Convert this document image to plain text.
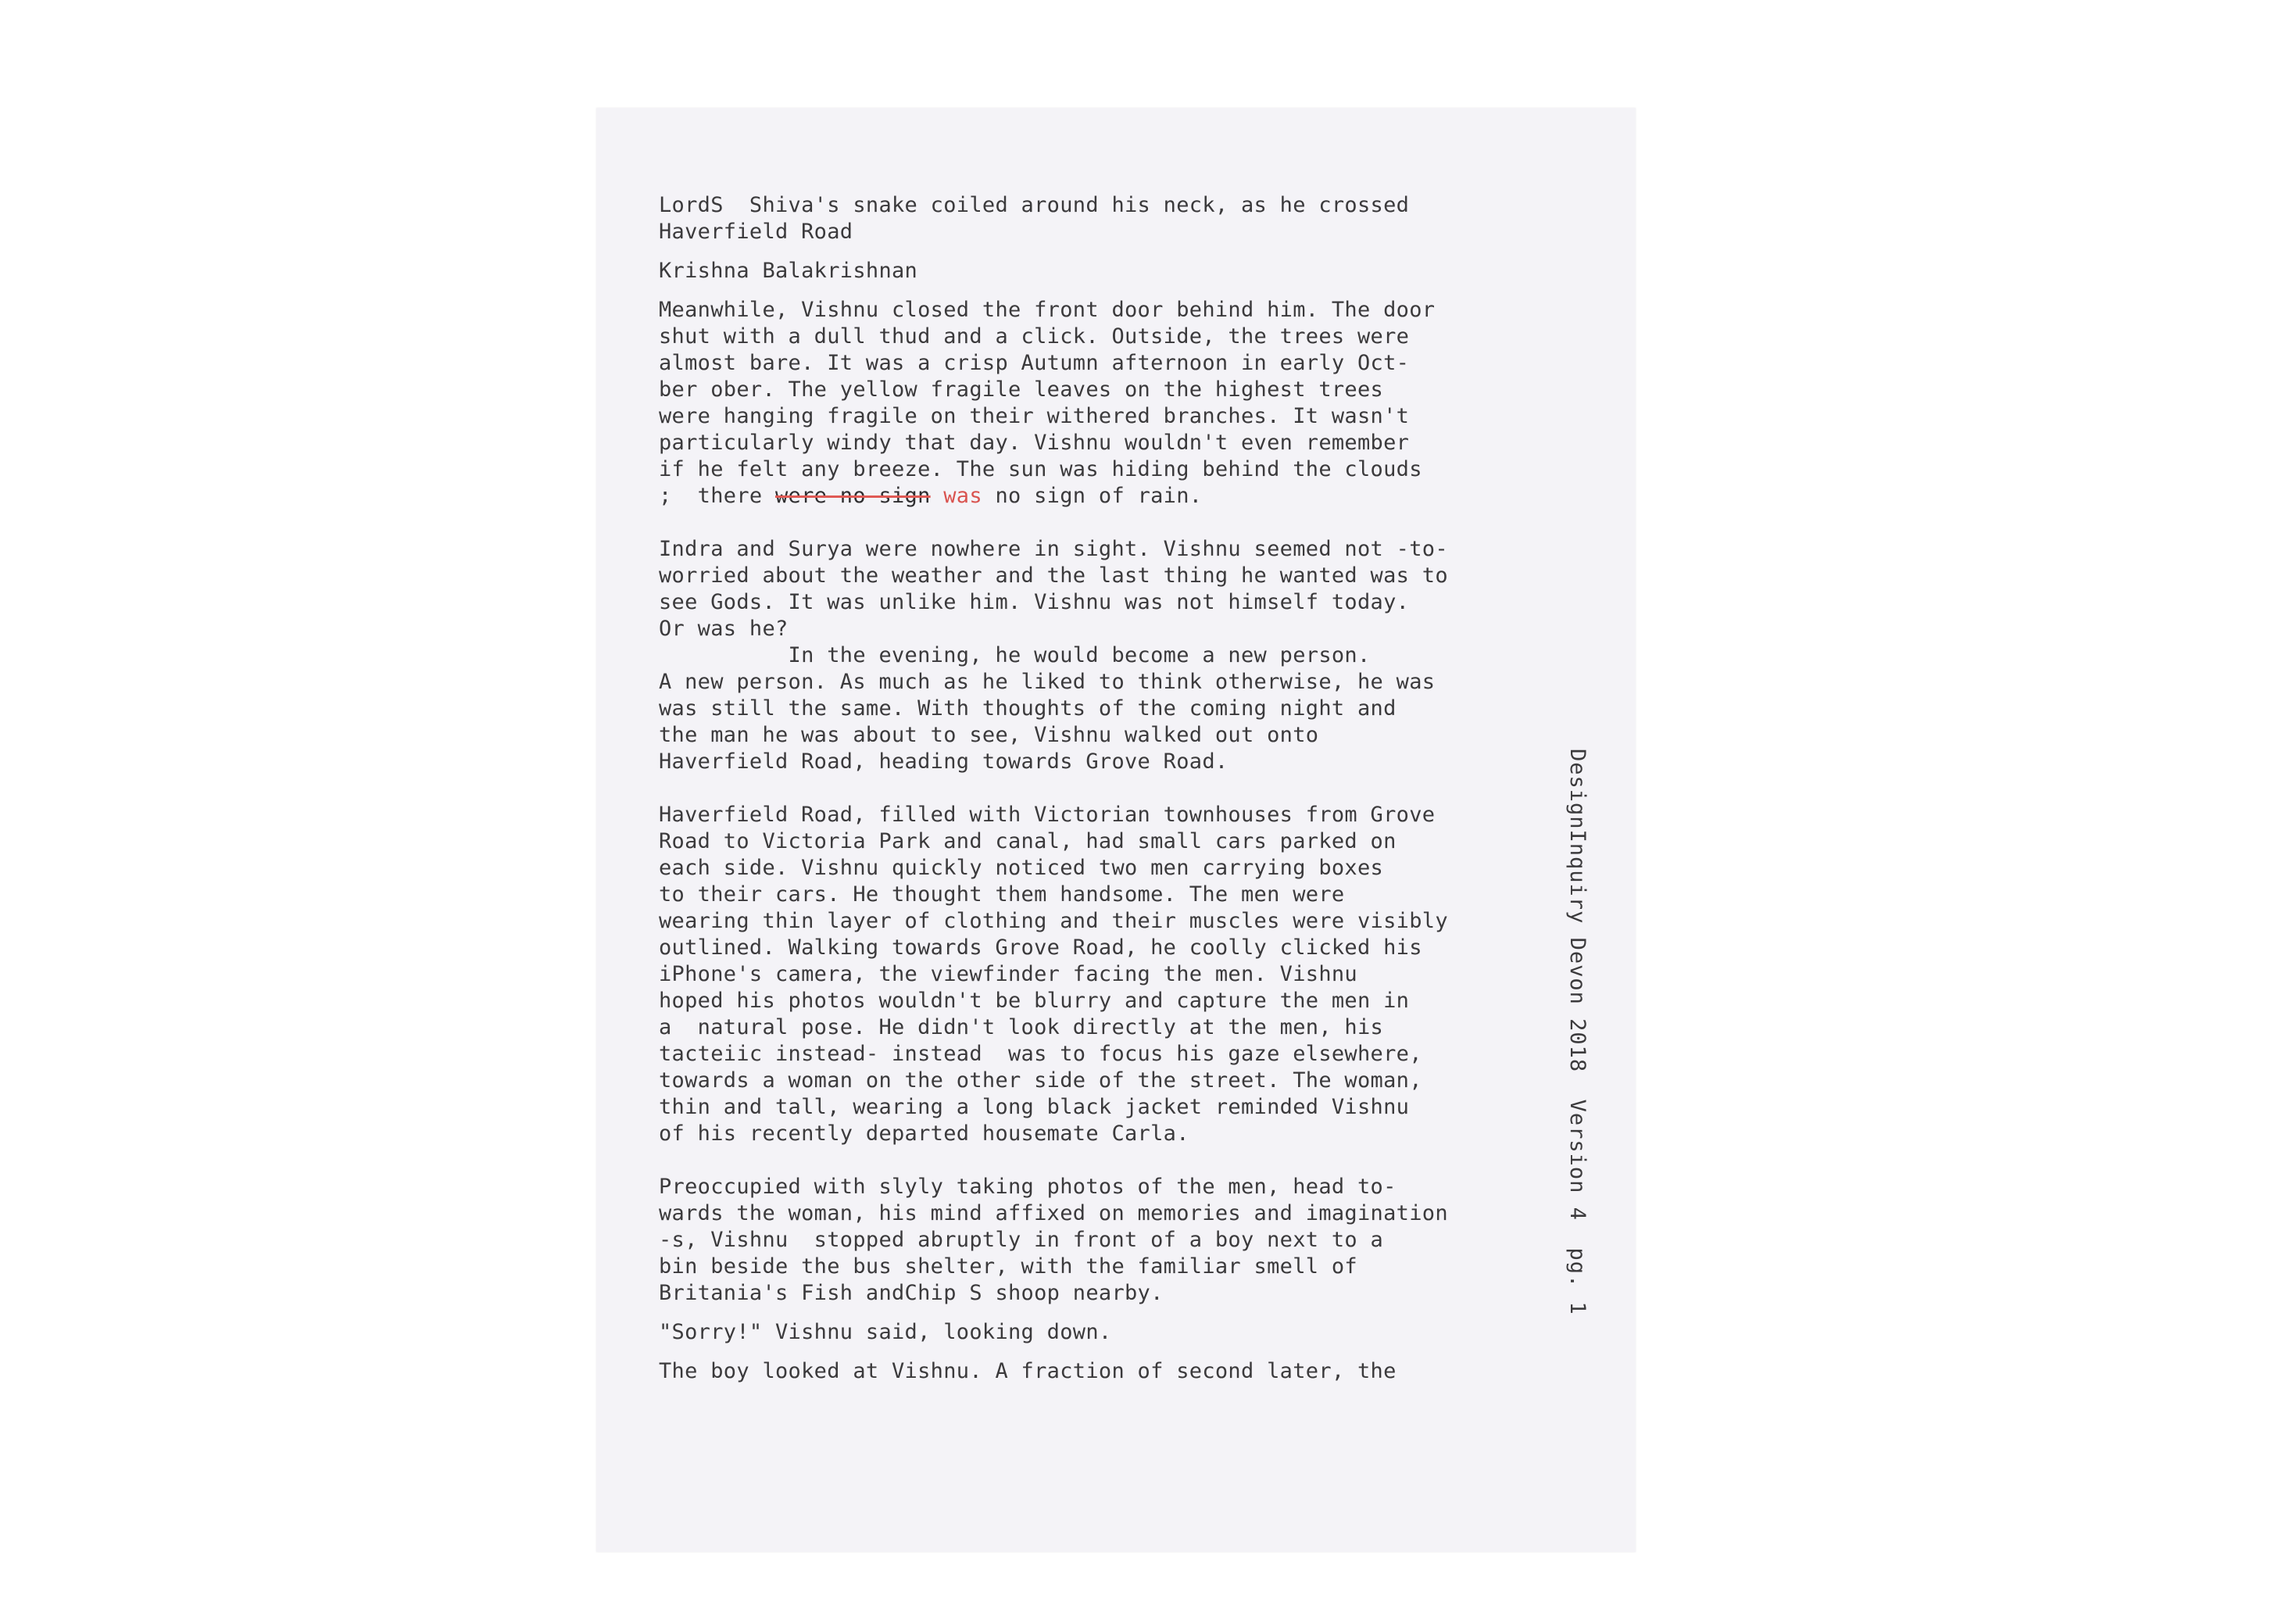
LordS  Shiva's snake coiled around his neck, as he crossed
Haverfield Road
Krishna Balakrishnan
Meanwhile, Vishnu closed the front door behind him. The door
shut with a dull thud and a click. Outside, the trees were
almost bare. It was a crisp Autumn afternoon in early Oct-
ber ober. The yellow fragile leaves on the highest trees
were hanging fragile on their withered branches. It wasn't
particularly windy that day. Vishnu wouldn't even remember
if he felt any breeze. The sun was hiding behind the clouds
;  there were-no-sign was no sign of rain.
Indra and Surya were nowhere in sight. Vishnu seemed not -to-
worried about the weather and the last thing he wanted was to
see Gods. It was unlike him. Vishnu was not himself today.
Or was he?
In the evening, he would become a new person.
A new person. As much as he liked to think otherwise, he was
was still the same. With thoughts of the coming night and
the man he was about to see, Vishnu walked out onto
Haverfield Road, heading towards Grove Road.
Haverfield Road, filled with Victorian townhouses from Grove
Road to Victoria Park and canal, had small cars parked on
each side. Vishnu quickly noticed two men carrying boxes
to their cars. He thought them handsome. The men were
wearing thin layer of clothing and their muscles were visibly
outlined. Walking towards Grove Road, he coolly clicked his
iPhone's camera, the viewfinder facing the men. Vishnu
hoped his photos wouldn't be blurry and capture the men in
a  natural pose. He didn't look directly at the men, his
tacteiic instead- instead  was to focus his gaze elsewhere,
towards a woman on the other side of the street. The woman,
thin and tall, wearing a long black jacket reminded Vishnu
of his recently departed housemate Carla.
Preoccupied with slyly taking photos of the men, head to-
wards the woman, his mind affixed on memories and imagination
-s, Vishnu  stopped abruptly in front of a boy next to a
bin beside the bus shelter, with the familiar smell of
Britania's Fish andChip S shoop nearby.
"Sorry!" Vishnu said, looking down.
The boy looked at Vishnu. A fraction of second later, the
DesignInquiry Devon 2018  Version 4  pg. 1
